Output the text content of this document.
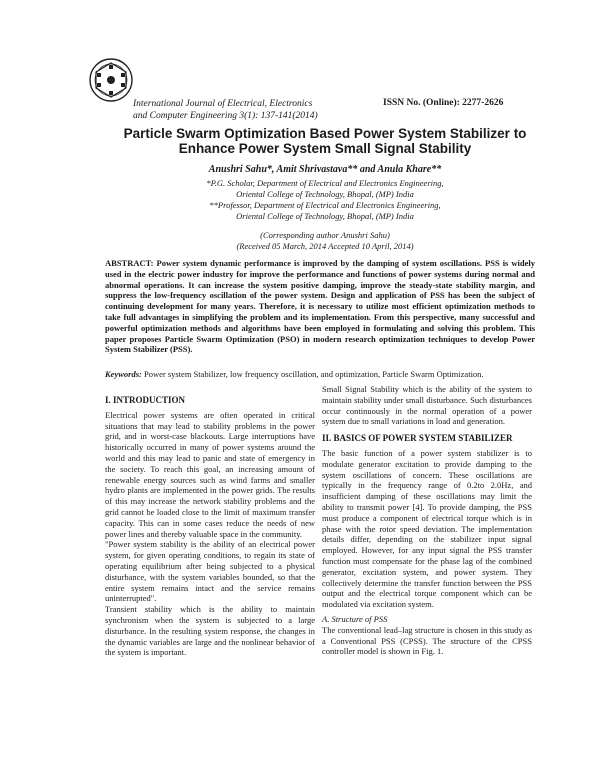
International Journal of Electrical, Electronics
and Computer Engineering 3(1): 137-141(2014)
ISSN No. (Online): 2277-2626
Particle Swarm Optimization Based Power System Stabilizer to
Enhance Power System Small Signal Stability
Anushri Sahu*, Amit Shrivastava** and Anula Khare**
*P.G. Scholar, Department of Electrical and Electronics Engineering,
Oriental College of Technology, Bhopal, (MP) India
**Professor, Department of Electrical and Electronics Engineering,
Oriental College of Technology, Bhopal, (MP) India
(Corresponding author Anushri Sahu)
(Received 05 March, 2014 Accepted 10 April, 2014)

ABSTRACT: Power system dynamic performance is improved by the damping of system oscillations. PSS is widely used in the electric power industry for improve the performance and functions of power systems during normal and abnormal operations. It can increase the system positive damping, improve the steady-state stability margin, and suppress the low-frequency oscillation of the power system. Design and application of PSS has been the subject of continuing development for many years. Therefore, it is necessary to utilize most efficient optimization methods to take full advantages in simplifying the problem and its implementation. From this perspective, many successful and powerful optimization methods and algorithms have been employed in formulating and solving this problem. This paper proposes Particle Swarm Optimization (PSO) in modern research optimization techniques to develop Power System Stabilizer (PSS).

Keywords: Power system Stabilizer, low frequency oscillation, and optimization, Particle Swarm Optimization.

I. INTRODUCTION

Electrical power systems are often operated in critical situations that may lead to stability problems in the power grid, and in worst-case blackouts. Large interruptions have historically occurred in many of power systems around the world and this may lead to panic and state of emergency in the society. To reach this goal, an increasing amount of renewable energy sources such as wind farms and smaller hydro plants are implemented in the power grids. The results of this may increase the network stability problems and the grid cannot be loaded close to the limit of maximum transfer capacity. This can in some cases reduce the needs of new power lines and thereby valuable space in the community.

"Power system stability is the ability of an electrical power system, for given operating conditions, to regain its state of operating equilibrium after being subjected to a physical disturbance, with the system variables bounded, so that the entire system remains intact and the service remains uninterrupted".

Transient stability which is the ability to maintain synchronism when the system is subjected to a large disturbance. In the resulting system response, the changes in the dynamic variables are large and the nonlinear behavior of the system is important.

Small Signal Stability which is the ability of the system to maintain stability under small disturbance. Such disturbances occur continuously in the normal operation of a power system due to small variations in load and generation.

II. BASICS OF POWER SYSTEM STABILIZER

The basic function of a power system stabilizer is to modulate generator excitation to provide damping to the system oscillations of concern. These oscillations are typically in the frequency range of 0.2to 2.0Hz, and insufficient damping of these oscillations may limit the ability to transmit power [4]. To provide damping, the PSS must produce a component of electrical torque which is in phase with the rotor speed deviation. The implementation details differ, depending on the stabilizer input signal employed. However, for any input signal the PSS transfer function must compensate for the phase lag of the combined generator, excitation system, and power system. They collectively determine the transfer function between the PSS output and the electrical torque component which can be modulated via excitation system.

A. Structure of PSS

The conventional lead–lag structure is chosen in this study as a Conventional PSS (CPSS). The structure of the CPSS controller model is shown in Fig. 1.
